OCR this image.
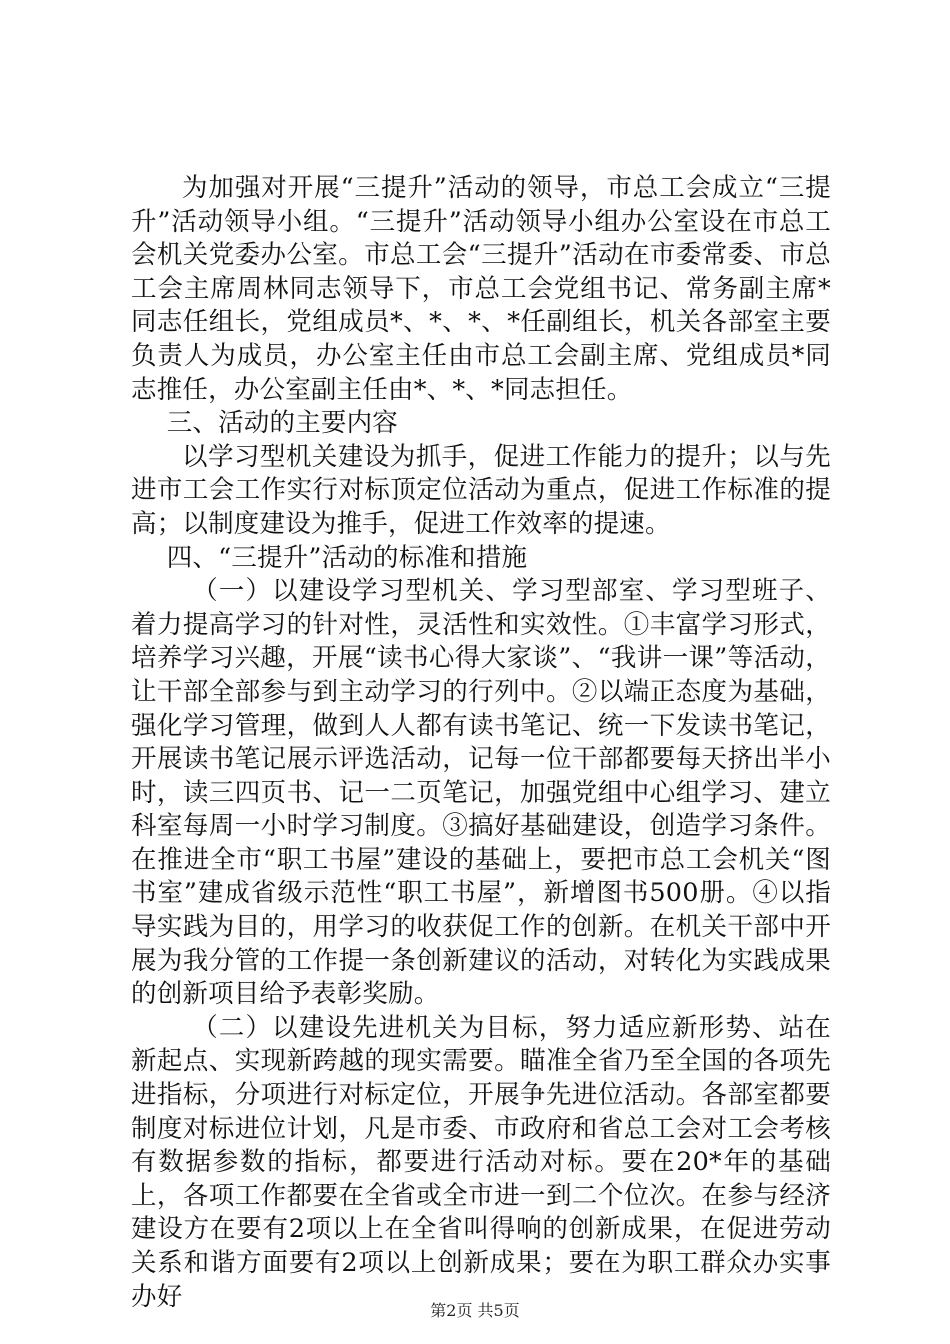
为加强对开展“三提升”活动的领导，市总工会成立“三提升”活动领导小组。“三提升”活动领导小组办公室设在市总工会机关党委办公室。市总工会“三提升”活动在市委常委、市总工会主席周林同志领导下，市总工会党组书记、常务副主席*同志任组长，党组成员*、*、*、*任副组长，机关各部室主要负责人为成员，办公室主任由市总工会副主席、党组成员*同志推任，办公室副主任由*、*、*同志担任。

三、活动的主要内容

以学习型机关建设为抓手，促进工作能力的提升；以与先进市工会工作实行对标顶定位活动为重点，促进工作标准的提高；以制度建设为推手，促进工作效率的提速。

四、“三提升”活动的标准和措施

（一）以建设学习型机关、学习型部室、学习型班子、着力提高学习的针对性，灵活性和实效性。①丰富学习形式，培养学习兴趣，开展“读书心得大家谈”、“我讲一课”等活动，让干部全部参与到主动学习的行列中。②以端正态度为基础，强化学习管理，做到人人都有读书笔记、统一下发读书笔记，开展读书笔记展示评选活动，记每一位干部都要每天挤出半小时，读三四页书、记一二页笔记，加强党组中心组学习、建立科室每周一小时学习制度。③搞好基础建设，创造学习条件。在推进全市“职工书屋”建设的基础上，要把市总工会机关“图书室”建成省级示范性“职工书屋”，新增图书500册。④以指导实践为目的，用学习的收获促工作的创新。在机关干部中开展为我分管的工作提一条创新建议的活动，对转化为实践成果的创新项目给予表彰奖励。

（二）以建设先进机关为目标，努力适应新形势、站在新起点、实现新跨越的现实需要。瞄准全省乃至全国的各项先进指标，分项进行对标定位，开展争先进位活动。各部室都要制度对标进位计划，凡是市委、市政府和省总工会对工会考核有数据参数的指标，都要进行活动对标。要在20*年的基础上，各项工作都要在全省或全市进一到二个位次。在参与经济建设方在要有2项以上在全省叫得响的创新成果，在促进劳动关系和谐方面要有2项以上创新成果；要在为职工群众办实事办好	第2页 共5页
